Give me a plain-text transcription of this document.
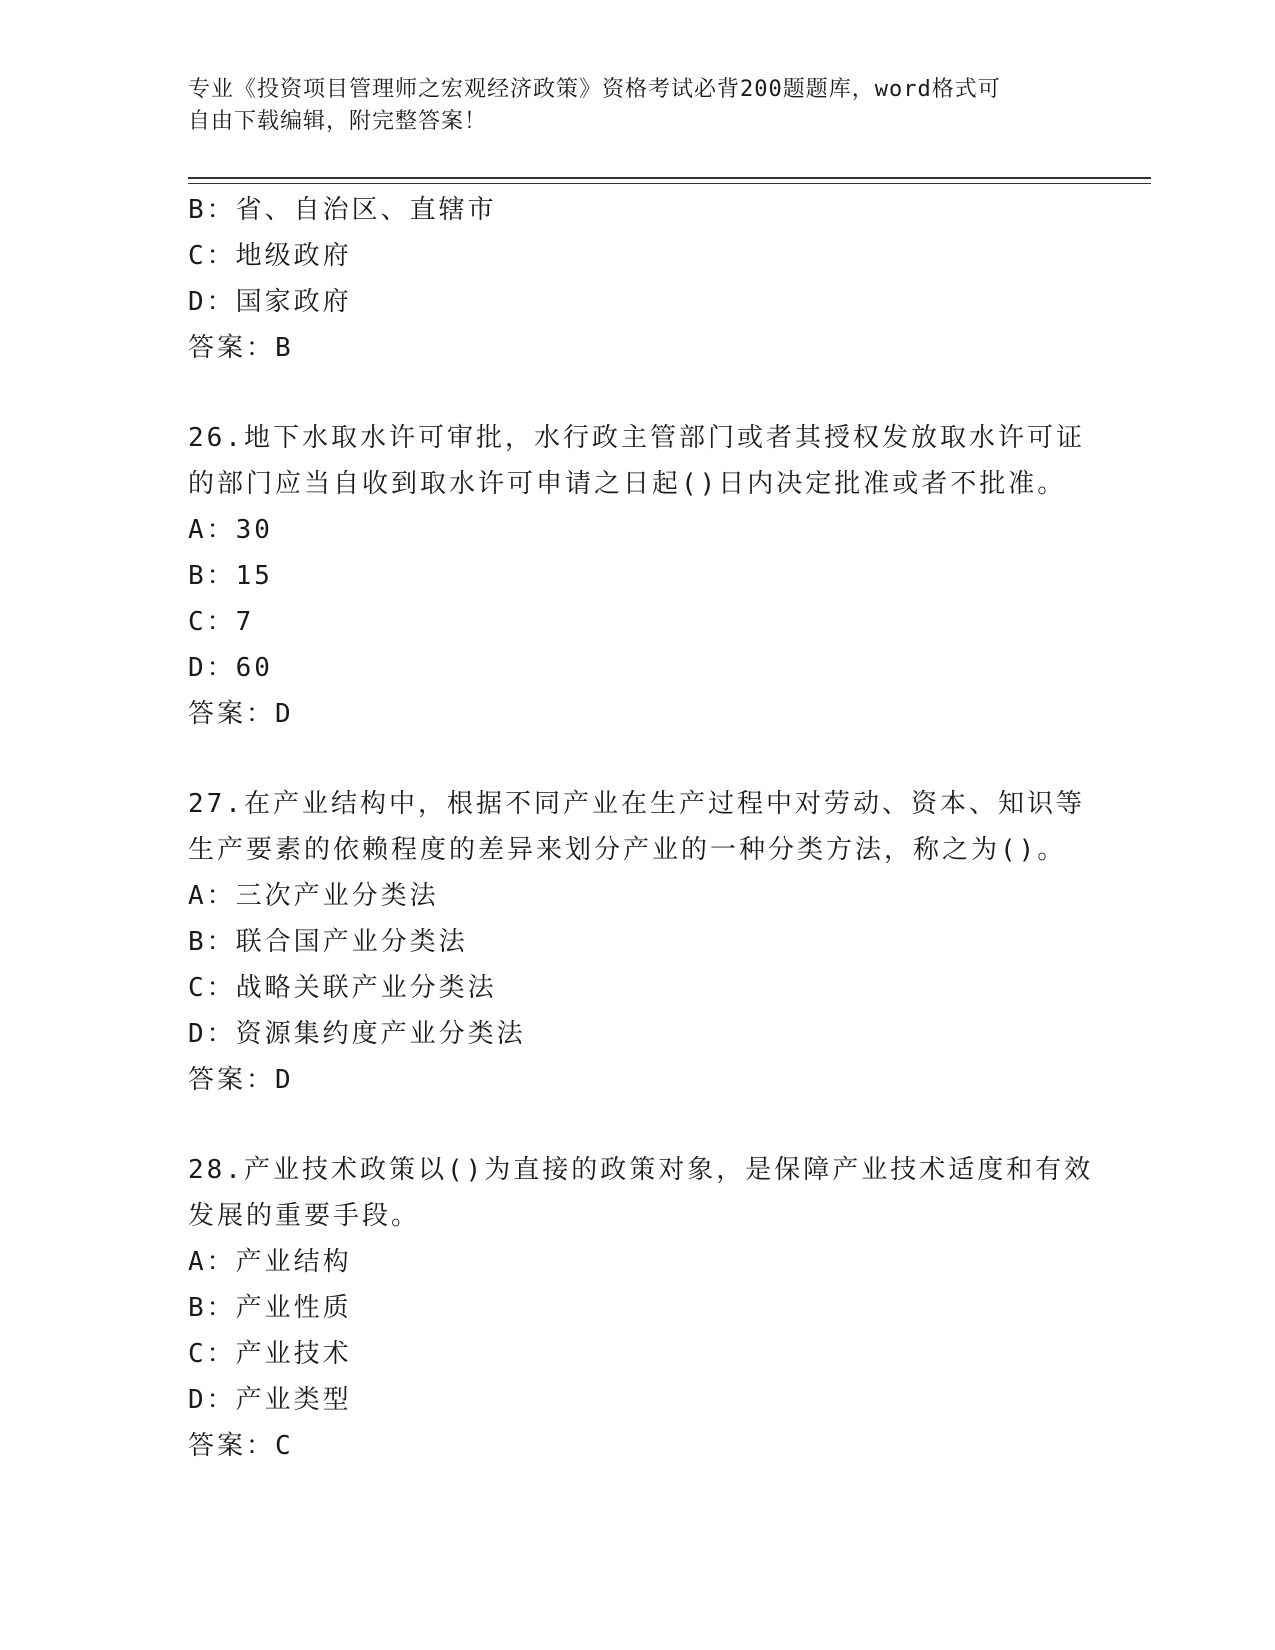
专业《投资项目管理师之宏观经济政策》资格考试必背200题题库，word格式可
自由下载编辑，附完整答案！
B：省、自治区、直辖市
C：地级政府
D：国家政府
答案：B
26.地下水取水许可审批，水行政主管部门或者其授权发放取水许可证
的部门应当自收到取水许可申请之日起()日内决定批准或者不批准。
A：30
B：15
C：7
D：60
答案：D
27.在产业结构中，根据不同产业在生产过程中对劳动、资本、知识等
生产要素的依赖程度的差异来划分产业的一种分类方法，称之为()。
A：三次产业分类法
B：联合国产业分类法
C：战略关联产业分类法
D：资源集约度产业分类法
答案：D
28.产业技术政策以()为直接的政策对象，是保障产业技术适度和有效
发展的重要手段。
A：产业结构
B：产业性质
C：产业技术
D：产业类型
答案：C
